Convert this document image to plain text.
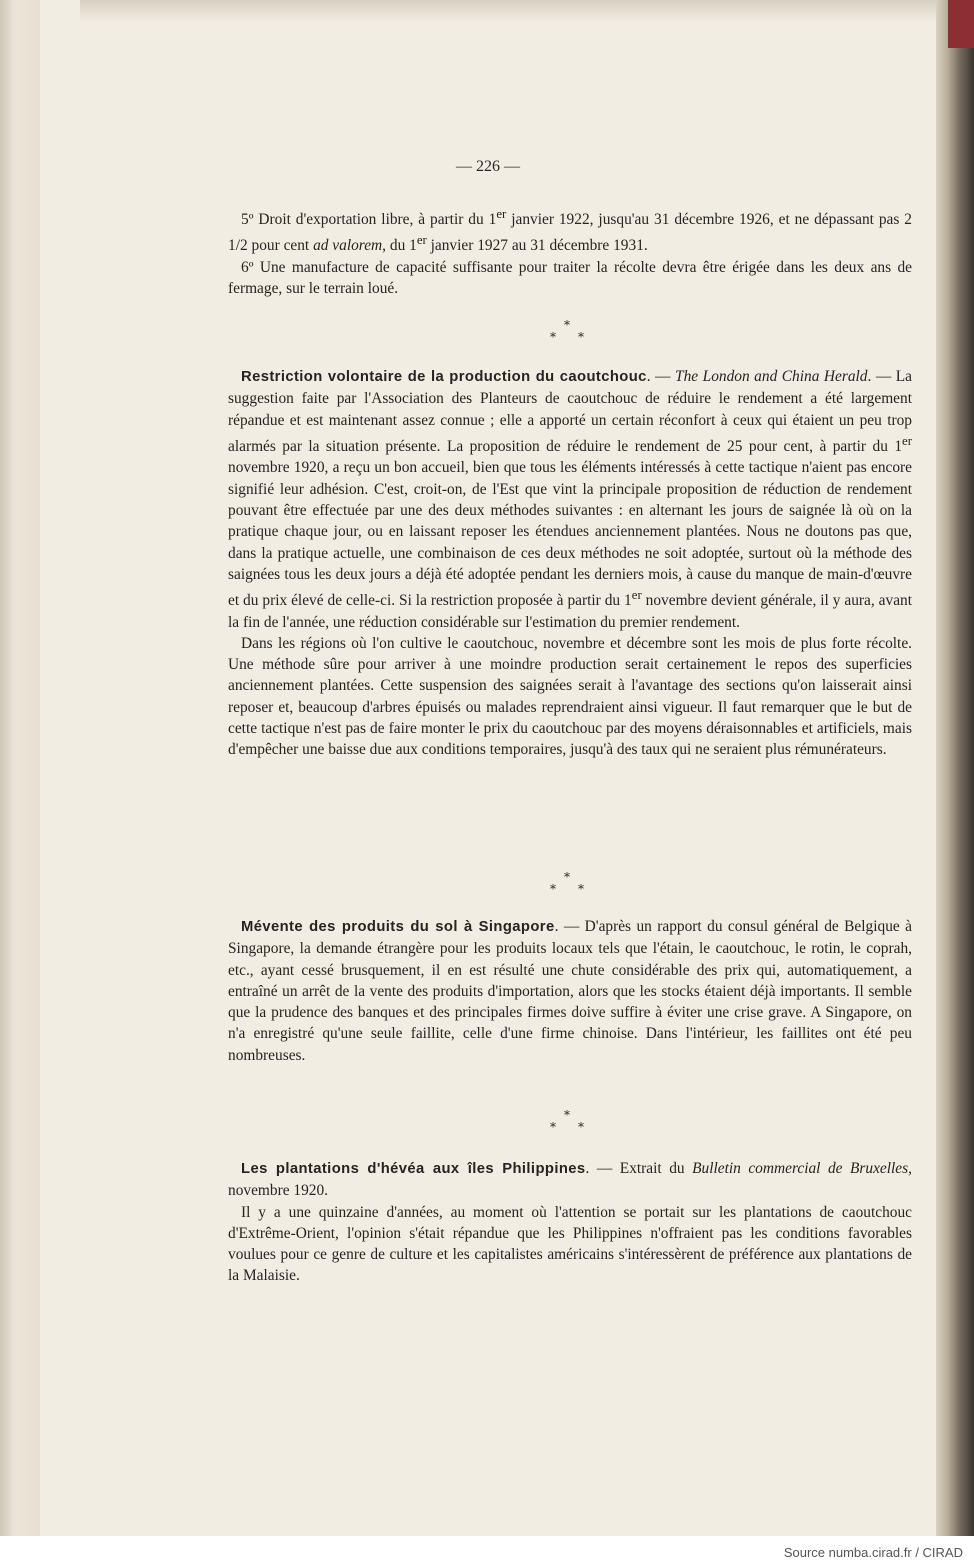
— 226 —

5º Droit d'exportation libre, à partir du 1er janvier 1922, jusqu'au 31 décembre 1926, et ne dépassant pas 2 1/2 pour cent ad valorem, du 1er janvier 1927 au 31 décembre 1931.

6º Une manufacture de capacité suffisante pour traiter la récolte devra être érigée dans les deux ans de fermage, sur le terrain loué.

*
* *

Restriction volontaire de la production du caoutchouc. — The London and China Herald. — La suggestion faite par l'Association des Planteurs de caoutchouc de réduire le rendement a été largement répandue et est maintenant assez connue ; elle a apporté un certain réconfort à ceux qui étaient un peu trop alarmés par la situation présente. La proposition de réduire le rendement de 25 pour cent, à partir du 1er novembre 1920, a reçu un bon accueil, bien que tous les éléments intéressés à cette tactique n'aient pas encore signifié leur adhésion. C'est, croit-on, de l'Est que vint la principale proposition de réduction de rendement pouvant être effectuée par une des deux méthodes suivantes : en alternant les jours de saignée là où on la pratique chaque jour, ou en laissant reposer les étendues anciennement plantées. Nous ne doutons pas que, dans la pratique actuelle, une combinaison de ces deux méthodes ne soit adoptée, surtout où la méthode des saignées tous les deux jours a déjà été adoptée pendant les derniers mois, à cause du manque de main-d'œuvre et du prix élevé de celle-ci. Si la restriction proposée à partir du 1er novembre devient générale, il y aura, avant la fin de l'année, une réduction considérable sur l'estimation du premier rendement.

Dans les régions où l'on cultive le caoutchouc, novembre et décembre sont les mois de plus forte récolte. Une méthode sûre pour arriver à une moindre production serait certainement le repos des superficies anciennement plantées. Cette suspension des saignées serait à l'avantage des sections qu'on laisserait ainsi reposer et, beaucoup d'arbres épuisés ou malades reprendraient ainsi vigueur. Il faut remarquer que le but de cette tactique n'est pas de faire monter le prix du caoutchouc par des moyens déraisonnables et artificiels, mais d'empêcher une baisse due aux conditions temporaires, jusqu'à des taux qui ne seraient plus rémunérateurs.

*
* *

Mévente des produits du sol à Singapore. — D'après un rapport du consul général de Belgique à Singapore, la demande étrangère pour les produits locaux tels que l'étain, le caoutchouc, le rotin, le coprah, etc., ayant cessé brusquement, il en est résulté une chute considérable des prix qui, automatiquement, a entraîné un arrêt de la vente des produits d'importation, alors que les stocks étaient déjà importants. Il semble que la prudence des banques et des principales firmes doive suffire à éviter une crise grave. A Singapore, on n'a enregistré qu'une seule faillite, celle d'une firme chinoise. Dans l'intérieur, les faillites ont été peu nombreuses.

*
* *

Les plantations d'hévéa aux îles Philippines. — Extrait du Bulletin commercial de Bruxelles, novembre 1920.

Il y a une quinzaine d'années, au moment où l'attention se portait sur les plantations de caoutchouc d'Extrême-Orient, l'opinion s'était répandue que les Philippines n'offraient pas les conditions favorables voulues pour ce genre de culture et les capitalistes américains s'intéressèrent de préférence aux plantations de la Malaisie.

Source numba.cirad.fr / CIRAD
